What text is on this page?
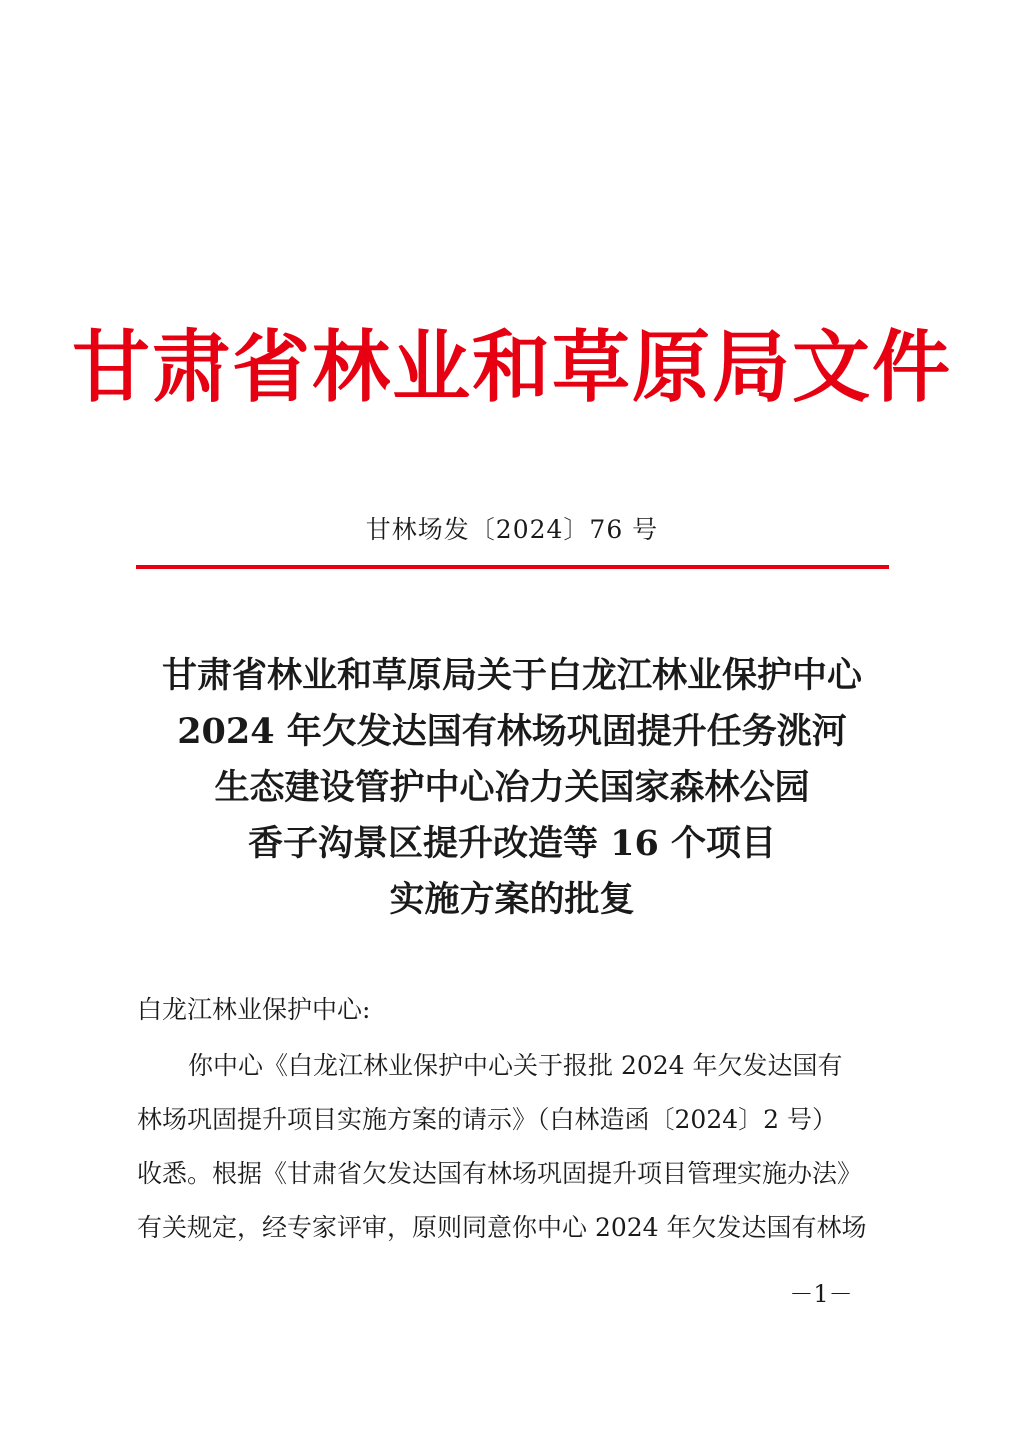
甘肃省林业和草原局文件
甘林场发〔2024〕76 号
甘肃省林业和草原局关于白龙江林业保护中心
2024 年欠发达国有林场巩固提升任务洮河
生态建设管护中心冶力关国家森林公园
香子沟景区提升改造等 16 个项目
实施方案的批复
白龙江林业保护中心:
你中心《白龙江林业保护中心关于报批 2024 年欠发达国有
林场巩固提升项目实施方案的请示》（白林造函〔2024〕2 号）
收悉。根据《甘肃省欠发达国有林场巩固提升项目管理实施办法》
有关规定，经专家评审，原则同意你中心 2024 年欠发达国有林场
－1－
